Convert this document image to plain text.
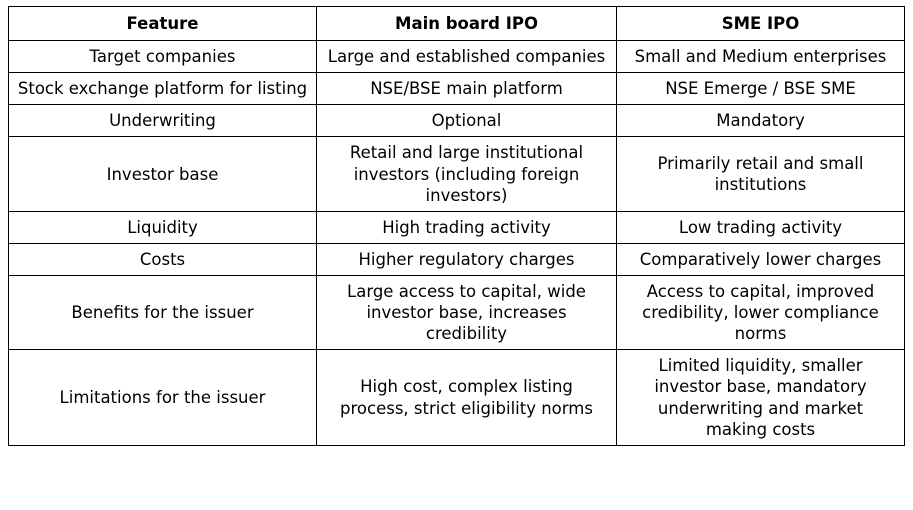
Feature	Main board IPO	SME IPO
Target companies	Large and established companies	Small and Medium enterprises
Stock exchange platform for listing	NSE/BSE main platform	NSE Emerge / BSE SME
Underwriting	Optional	Mandatory
Investor base	Retail and large institutional investors (including foreign investors)	Primarily retail and small institutions
Liquidity	High trading activity	Low trading activity
Costs	Higher regulatory charges	Comparatively lower charges
Benefits for the issuer	Large access to capital, wide investor base, increases credibility	Access to capital, improved credibility, lower compliance norms
Limitations for the issuer	High cost, complex listing process, strict eligibility norms	Limited liquidity, smaller investor base, mandatory underwriting and market making costs
